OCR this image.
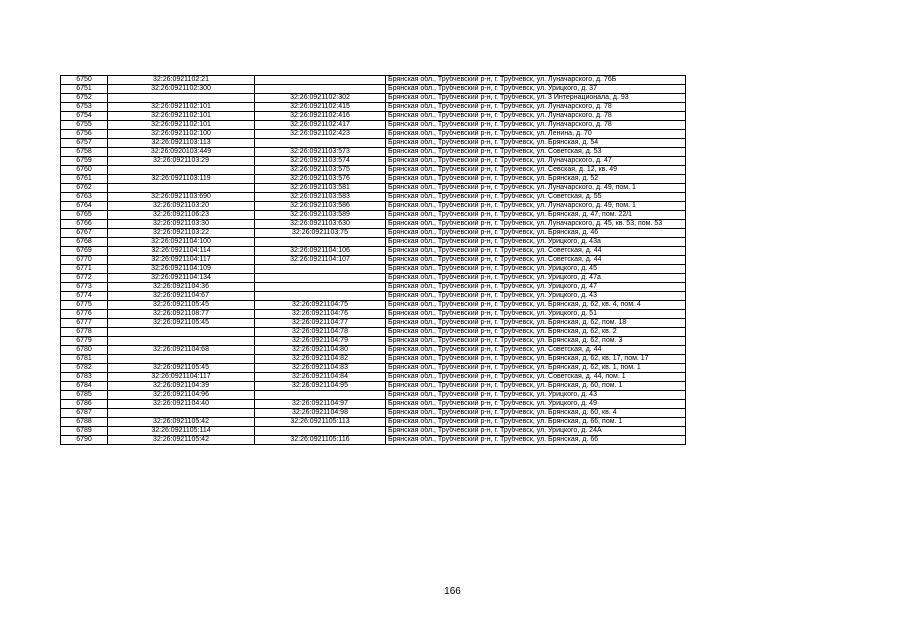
6750	32:26:0921102:21		Брянская обл., Трубчевский р-н, г. Трубчевск, ул. Луначарского, д. 76Б
6751	32:26:0921102:300		Брянская обл., Трубчевский р-н, г. Трубчевск, ул. Урицкого, д. 37
6752		32:26:0921102:302	Брянская обл., Трубчевский р-н, г. Трубчевск, ул. 3 Интернационала, д. 93
6753	32:26:0921102:101	32:26:0921102:415	Брянская обл., Трубчевский р-н, г. Трубчевск, ул. Луначарского, д. 78
6754	32:26:0921102:101	32:26:0921102:416	Брянская обл., Трубчевский р-н, г. Трубчевск, ул. Луначарского, д. 78
6755	32:26:0921102:101	32:26:0921102:417	Брянская обл., Трубчевский р-н, г. Трубчевск, ул. Луначарского, д. 78
6756	32:26:0921102:100	32:26:0921102:423	Брянская обл., Трубчевский р-н, г. Трубчевск, ул. Ленина, д. 70
6757	32:26:0921103:113		Брянская обл., Трубчевский р-н, г. Трубчевск, ул. Брянская, д. 54
6758	32:26:0920103:449	32:26:0921103:573	Брянская обл., Трубчевский р-н, г. Трубчевск, ул. Советская, д. 53
6759	32:26:0921103:29	32:26:0921103:574	Брянская обл., Трубчевский р-н, г. Трубчевск, ул. Луначарского, д. 47
6760		32:26:0921103:575	Брянская обл., Трубчевский р-н, г. Трубчевск, ул. Севская, д. 12, кв. 49
6761	32:26:0921103:119	32:26:0921103:576	Брянская обл., Трубчевский р-н, г. Трубчевск, ул. Брянская, д. 52
6762		32:26:0921103:581	Брянская обл., Трубчевский р-н, г. Трубчевск, ул. Луначарского, д. 49, пом. 1
6763	32:26:0921103:690	32:26:0921103:583	Брянская обл., Трубчевский р-н, г. Трубчевск, ул. Советская, д. 55
6764	32:26:0921103:20	32:26:0921103:586	Брянская обл., Трубчевский р-н, г. Трубчевск, ул. Луначарского, д. 49, пом. 1
6765	32:26:0921106:23	32:26:0921103:589	Брянская обл., Трубчевский р-н, г. Трубчевск, ул. Брянская, д. 47, пом. 22/1
6766	32:26:0921103:30	32:26:0921103:630	Брянская обл., Трубчевский р-н, г. Трубчевск, ул. Луначарского, д. 45, кв. 53, пом. 53
6767	32:26:0921103:22	32:26:0921103:75	Брянская обл., Трубчевский р-н, г. Трубчевск, ул. Брянская, д. 46
6768	32:26:0921104:100		Брянская обл., Трубчевский р-н, г. Трубчевск, ул. Урицкого, д. 43а
6769	32:26:0921104:114	32:26:0921104:106	Брянская обл., Трубчевский р-н, г. Трубчевск, ул. Советская, д. 44
6770	32:26:0921104:117	32:26:0921104:107	Брянская обл., Трубчевский р-н, г. Трубчевск, ул. Советская, д. 44
6771	32:26:0921104:109		Брянская обл., Трубчевский р-н, г. Трубчевск, ул. Урицкого, д. 45
6772	32:26:0921104:134		Брянская обл., Трубчевский р-н, г. Трубчевск, ул. Урицкого, д. 47а
6773	32:26:0921104:36		Брянская обл., Трубчевский р-н, г. Трубчевск, ул. Урицкого, д. 47
6774	32:26:0921104:67		Брянская обл., Трубчевский р-н, г. Трубчевск, ул. Урицкого, д. 43
6775	32:26:0921105:45	32:26:0921104:75	Брянская обл., Трубчевский р-н, г. Трубчевск, ул. Брянская, д. 62, кв. 4, пом. 4
6776	32:26:0921108:77	32:26:0921104:76	Брянская обл., Трубчевский р-н, г. Трубчевск, ул. Урицкого, д. 51
6777	32:26:0921105:45	32:26:0921104:77	Брянская обл., Трубчевский р-н, г. Трубчевск, ул. Брянская, д. 62, пом. 18
6778		32:26:0921104:78	Брянская обл., Трубчевский р-н, г. Трубчевск, ул. Брянская, д. 62, кв. 2
6779		32:26:0921104:79	Брянская обл., Трубчевский р-н, г. Трубчевск, ул. Брянская, д. 62, пом. 3
6780	32:26:0921104:68	32:26:0921104:80	Брянская обл., Трубчевский р-н, г. Трубчевск, ул. Советская, д. 44
6781		32:26:0921104:82	Брянская обл., Трубчевский р-н, г. Трубчевск, ул. Брянская, д. 62, кв. 17, пом. 17
6782	32:26:0921105:45	32:26:0921104:83	Брянская обл., Трубчевский р-н, г. Трубчевск, ул. Брянская, д. 62, кв. 1, пом. 1
6783	32:26:0921104:117	32:26:0921104:84	Брянская обл., Трубчевский р-н, г. Трубчевск, ул. Советская, д. 44, пом. 1
6784	32:26:0921104:39	32:26:0921104:95	Брянская обл., Трубчевский р-н, г. Трубчевск, ул. Брянская, д. 60, пом. 1
6785	32:26:0921104:96		Брянская обл., Трубчевский р-н, г. Трубчевск, ул. Урицкого, д. 43
6786	32:26:0921104:40	32:26:0921104:97	Брянская обл., Трубчевский р-н, г. Трубчевск, ул. Урицкого, д. 49
6787		32:26:0921104:98	Брянская обл., Трубчевский р-н, г. Трубчевск, ул. Брянская, д. 60, кв. 4
6788	32:26:0921105:42	32:26:0921105:113	Брянская обл., Трубчевский р-н, г. Трубчевск, ул. Брянская, д. 66, пом. 1
6789	32:26:0921105:114		Брянская обл., Трубчевский р-н, г. Трубчевск, ул. Урицкого, д. 24А
6790	32:26:0921105:42	32:26:0921105:116	Брянская обл., Трубчевский р-н, г. Трубчевск, ул. Брянская, д. 66
166
